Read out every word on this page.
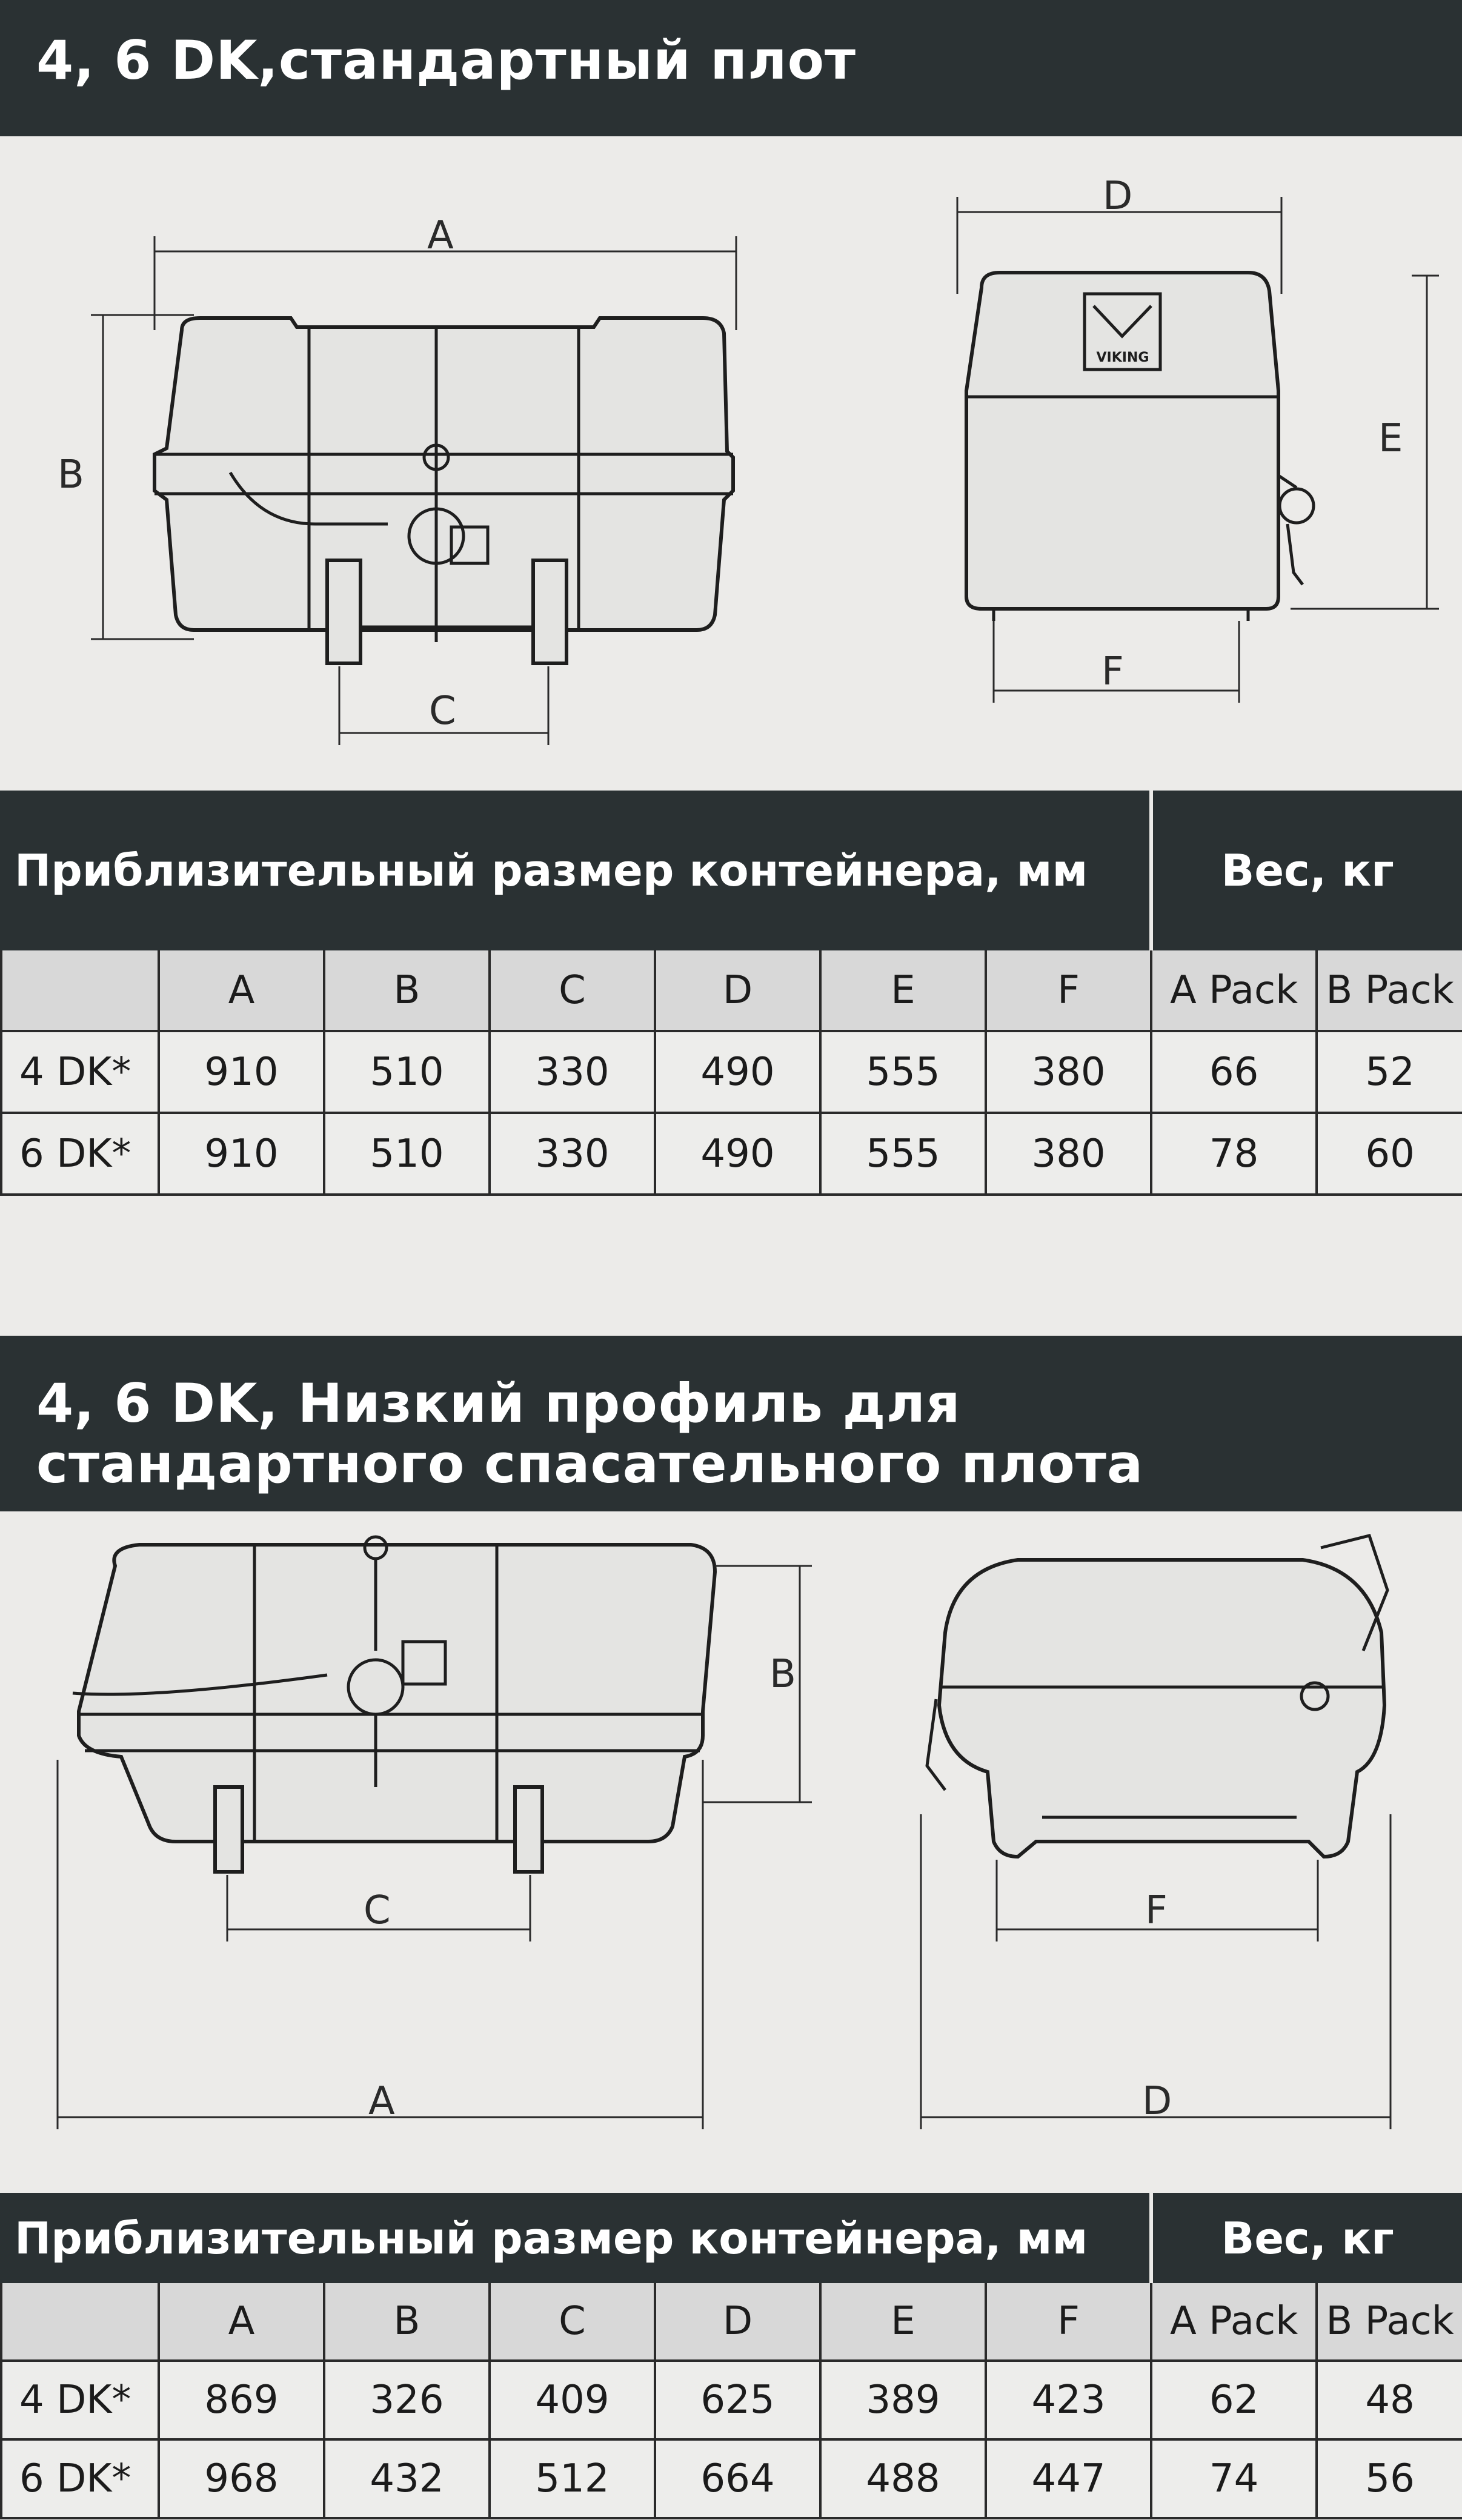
4, 6 DK,стандартный плот
A
B
C
D
VIKING
E
F
Приблизительный размер контейнера, мм							Вес, кг	
	A	B	C	D	E	F	A Pack	B Pack
4 DK*	910	510	330	490	555	380	66	52
6 DK*	910	510	330	490	555	380	78	60
4, 6 DK, Низкий профиль для
стандартного спасательного плота
B
C
A
F
D
Приблизительный размер контейнера, мм							Вес, кг	
	A	B	C	D	E	F	A Pack	B Pack
4 DK*	869	326	409	625	389	423	62	48
6 DK*	968	432	512	664	488	447	74	56
